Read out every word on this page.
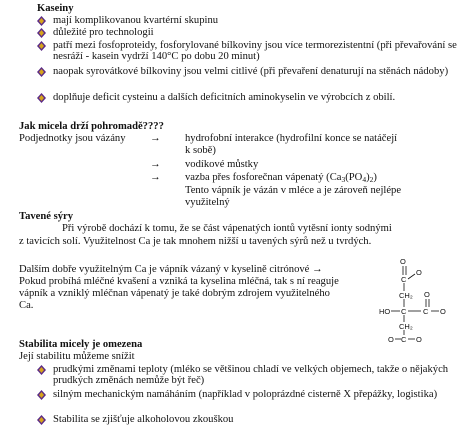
Kaseiny
mají komplikovanou kvartérní skupinu
důležité pro technologii
patří mezi fosfoproteidy, fosforylované bílkoviny jsou více termorezistentní (při převařování se nesráží - kasein vydrží 140°C po dobu 20 minut)
naopak syrovátkové bílkoviny jsou velmi citlivé (při převaření denaturují na stěnách nádoby)
doplňuje deficit cysteinu a dalších deficitních aminokyselin ve výrobcích z obilí.
Jak micela drží pohromadě????
Podjednotky jsou vázány → hydrofobní interakce (hydrofilní konce se natáčejí
k sobě)
→ vodíkové můstky
→ vazba přes fosforečnan vápenatý $(Ca_3(PO_4)_2)$
Tento vápník je vázán v mléce a je zároveň nejlépe
využitelný
Tavené sýry
Při výrobě dochází k tomu, že se část vápenatých iontů vytěsní ionty sodnými
z tavicích solí. Využitelnost Ca je tak mnohem nižší u tavených sýrů než u tvrdých.
Dalším dobře využitelným Ca je vápník vázaný v kyselině citrónové →
Pokud probíhá mléčné kvašení a vzniká ta kyselina mléčná, tak s ní reaguje
vápník a vzniklý mléčnan vápenatý je také dobrým zdrojem využitelného
Ca.
O
O
C
CH₂
HO C C
O
O
CH₂
C
O	O
Stabilita micely je omezena
Její stabilitu můžeme snížit
prudkými změnami teploty (mléko se většinou chladí ve velkých objemech, takže o nějakých prudkých změnách nemůže být řeč)
silným mechanickým namáháním (například v poloprázdné cisterně X přepážky, logistika)
Stabilita se zjišťuje alkoholovou zkouškou
